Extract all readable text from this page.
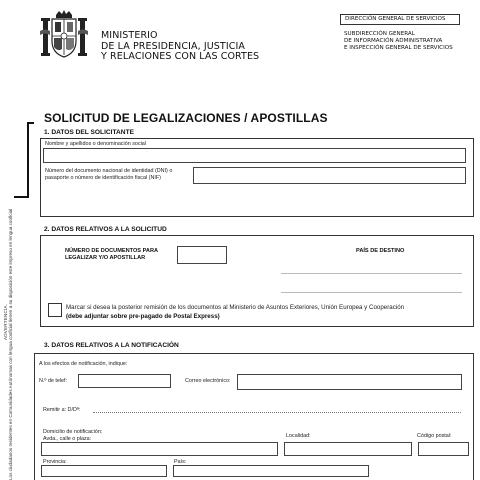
MINISTERIO
DE LA PRESIDENCIA, JUSTICIA
Y RELACIONES CON LAS CORTES
DIRECCIÓN GENERAL DE SERVICIOS
SUBDIRECCIÓN GENERAL
DE INFORMACIÓN ADMINISTRATIVA
E INSPECCIÓN GENERAL DE SERVICIOS
SOLICITUD DE LEGALIZACIONES / APOSTILLAS
1. DATOS DEL SOLICITANTE
Nombre y apellidos o denominación social
Número del documento nacional de identidad (DNI) o
pasaporte o número de identificación fiscal (NIF)
2. DATOS RELATIVOS A LA SOLICITUD
NÚMERO DE DOCUMENTOS PARA
LEGALIZAR Y/O APOSTILLAR
PAÍS DE DESTINO
Marcar si desea la posterior remisión de los documentos al Ministerio de Asuntos Exteriores, Unión Europea y Cooperación
(debe adjuntar sobre pre-pagado de Postal Express)
3. DATOS RELATIVOS A LA NOTIFICACIÓN
A los efectos de notificación, indique:
N.º de telef:	Correo electrónico:
Remitir a: D/Dª:
Domicilio de notificación:
Avda., calle o plaza:	Localidad:	Código postal:
Provincia:	País:
ADVERTENCIA. Los ciudadanos residentes en Comunidades Autónomas con lengua cooficial tienen a su disposición este impreso en lengua cooficial
